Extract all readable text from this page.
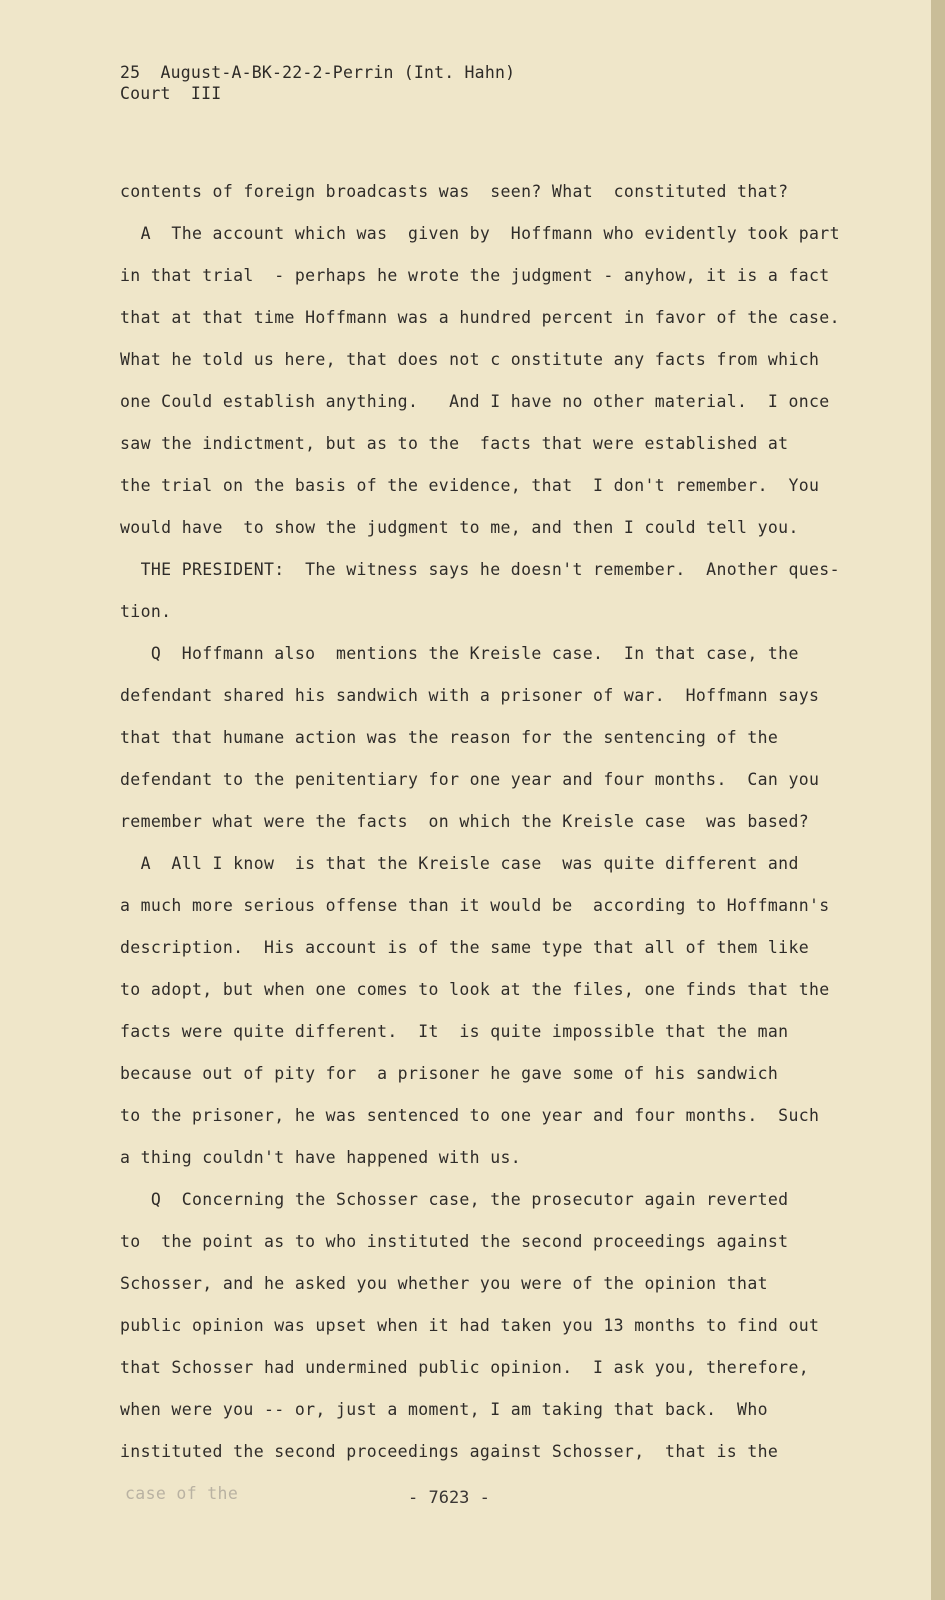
25  August-A-BK-22-2-Perrin (Int. Hahn)
Court  III
contents of foreign broadcasts was  seen? What  constituted that?
A  The account which was  given by  Hoffmann who evidently took part
in that trial  - perhaps he wrote the judgment - anyhow, it is a fact
that at that time Hoffmann was a hundred percent in favor of the case.
What he told us here, that does not c onstitute any facts from which
one Could establish anything.   And I have no other material.  I once
saw the indictment, but as to the  facts that were established at
the trial on the basis of the evidence, that  I don't remember.  You
would have  to show the judgment to me, and then I could tell you.
THE PRESIDENT:  The witness says he doesn't remember.  Another ques-
tion.
Q  Hoffmann also  mentions the Kreisle case.  In that case, the
defendant shared his sandwich with a prisoner of war.  Hoffmann says
that that humane action was the reason for the sentencing of the
defendant to the penitentiary for one year and four months.  Can you
remember what were the facts  on which the Kreisle case  was based?
A  All I know  is that the Kreisle case  was quite different and
a much more serious offense than it would be  according to Hoffmann's
description.  His account is of the same type that all of them like
to adopt, but when one comes to look at the files, one finds that the
facts were quite different.  It  is quite impossible that the man
because out of pity for  a prisoner he gave some of his sandwich
to the prisoner, he was sentenced to one year and four months.  Such
a thing couldn't have happened with us.
Q  Concerning the Schosser case, the prosecutor again reverted
to  the point as to who instituted the second proceedings against
Schosser, and he asked you whether you were of the opinion that
public opinion was upset when it had taken you 13 months to find out
that Schosser had undermined public opinion.  I ask you, therefore,
when were you -- or, just a moment, I am taking that back.  Who
instituted the second proceedings against Schosser,  that is the
case of the	- 7623 -
